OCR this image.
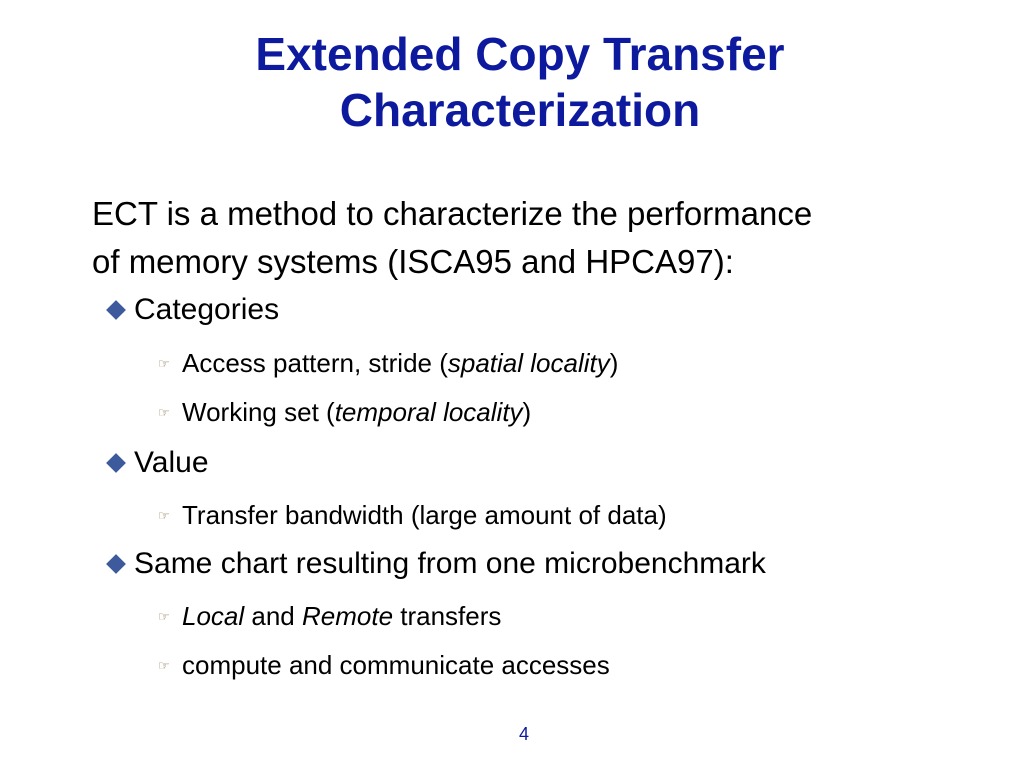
Extended Copy Transfer
Characterization
ECT is a method to characterize the performance
of memory systems (ISCA95 and HPCA97):
Categories
☞ Access pattern, stride (spatial locality)
☞ Working set (temporal locality)
Value
☞ Transfer bandwidth (large amount of data)
Same chart resulting from one microbenchmark
☞ Local and Remote transfers
☞ compute and communicate accesses
4
